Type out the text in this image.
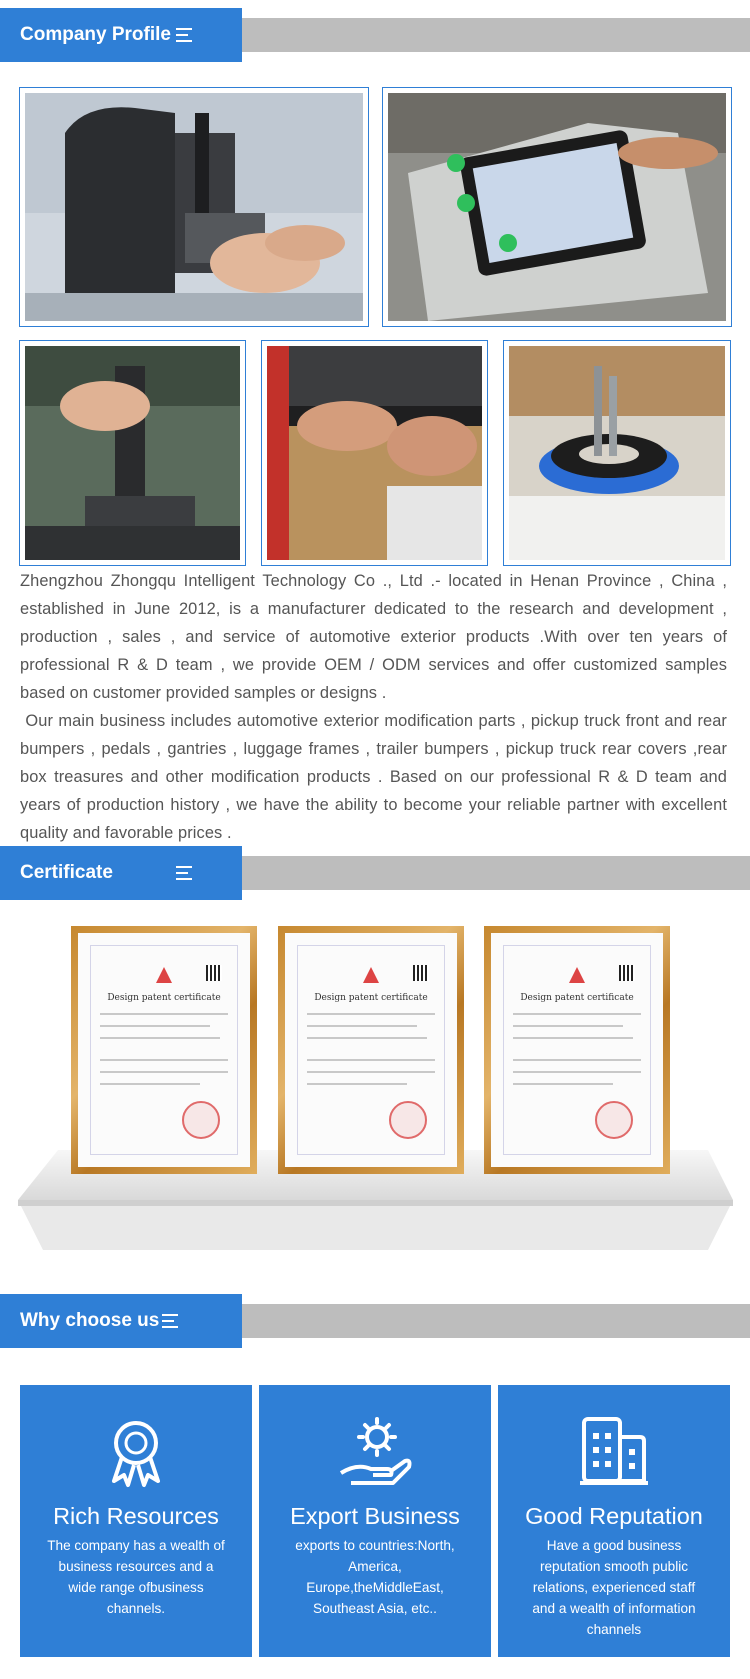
Company Profile

Zhengzhou Zhongqu Intelligent Technology Co ., Ltd .- located in Henan Province , China , established in June 2012, is a manufacturer dedicated to the research and development , production , sales , and service of automotive exterior products .With over ten years of professional R & D team , we provide OEM / ODM services and offer customized samples based on customer provided samples or designs .

Our main business includes automotive exterior modification parts , pickup truck front and rear bumpers , pedals , gantries , luggage frames , trailer bumpers , pickup truck rear covers ,rear box treasures and other modification products . Based on our professional R & D team and years of production history , we have the ability to become your reliable partner with excellent quality and favorable prices .

Certificate
Design patent certificate	Design patent certificate	Design patent certificate
Why choose us
Rich Resources
The company has a wealth of business resources and a wide range ofbusiness channels.
Export Business
exports to countries:North, America, Europe,theMiddleEast, Southeast Asia, etc..
Good Reputation
Have a good business reputation smooth public relations, experienced staff and a wealth of information channels
